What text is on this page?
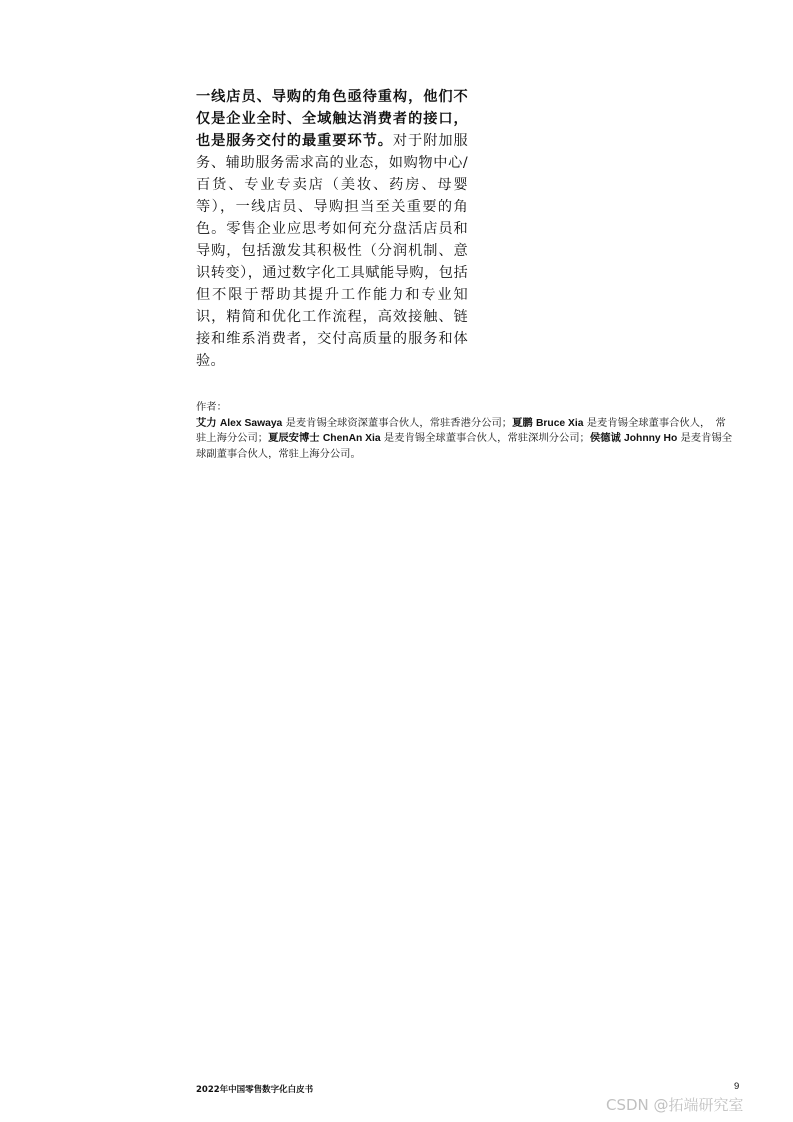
一线店员、导购的角色亟待重构，他们不仅是企业全时、全域触达消费者的接口，也是服务交付的最重要环节。对于附加服务、辅助服务需求高的业态，如购物中心/百货、专业专卖店（美妆、药房、母婴等），一线店员、导购担当至关重要的角色。零售企业应思考如何充分盘活店员和导购，包括激发其积极性（分润机制、意识转变），通过数字化工具赋能导购，包括但不限于帮助其提升工作能力和专业知识，精简和优化工作流程，高效接触、链接和维系消费者，交付高质量的服务和体验。

作者：
艾力 Alex Sawaya 是麦肯锡全球资深董事合伙人，常驻香港分公司；夏鹏 Bruce Xia 是麦肯锡全球董事合伙人，　常驻上海分公司；夏辰安博士 ChenAn Xia 是麦肯锡全球董事合伙人，常驻深圳分公司；侯德诚 Johnny Ho 是麦肯锡全球副董事合伙人，常驻上海分公司。

2022年中国零售数字化白皮书	9
CSDN @拓端研究室
